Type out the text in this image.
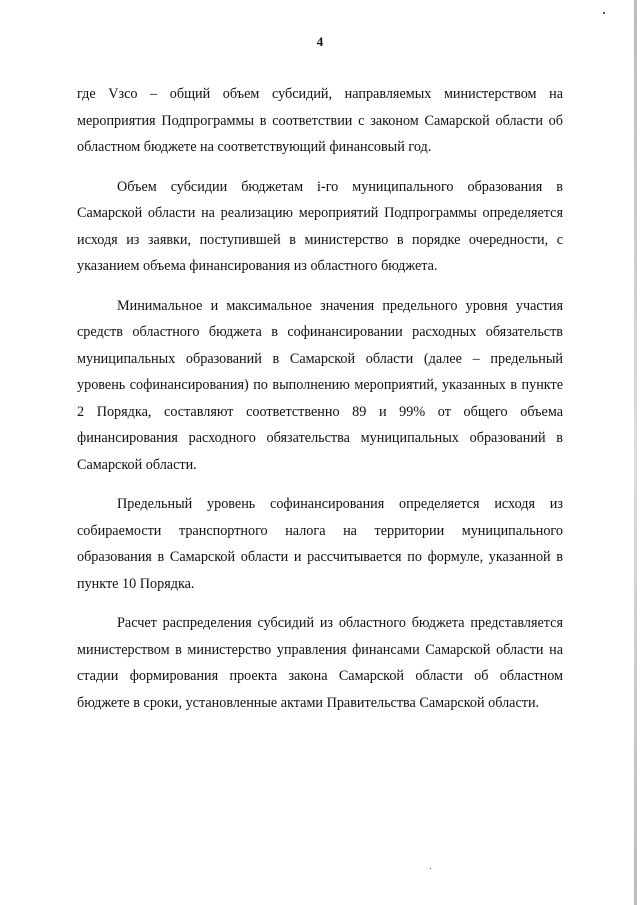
4

где Vзсо – общий объем субсидий, направляемых министерством на мероприятия Подпрограммы в соответствии с законом Самарской области об областном бюджете на соответствующий финансовый год.

Объем субсидии бюджетам i-го муниципального образования в Самарской области на реализацию мероприятий Подпрограммы определяется исходя из заявки, поступившей в министерство в порядке очередности, с указанием объема финансирования из областного бюджета.

Минимальное и максимальное значения предельного уровня участия средств областного бюджета в софинансировании расходных обязательств муниципальных образований в Самарской области (далее – предельный уровень софинансирования) по выполнению мероприятий, указанных в пункте 2 Порядка, составляют соответственно 89 и 99% от общего объема финансирования расходного обязательства муниципальных образований в Самарской области.

Предельный уровень софинансирования определяется исходя из собираемости транспортного налога на территории муниципального образования в Самарской области и рассчитывается по формуле, указанной в пункте 10 Порядка.

Расчет распределения субсидий из областного бюджета представляется министерством в министерство управления финансами Самарской области на стадии формирования проекта закона Самарской области об областном бюджете в сроки, установленные актами Правительства Самарской области.
